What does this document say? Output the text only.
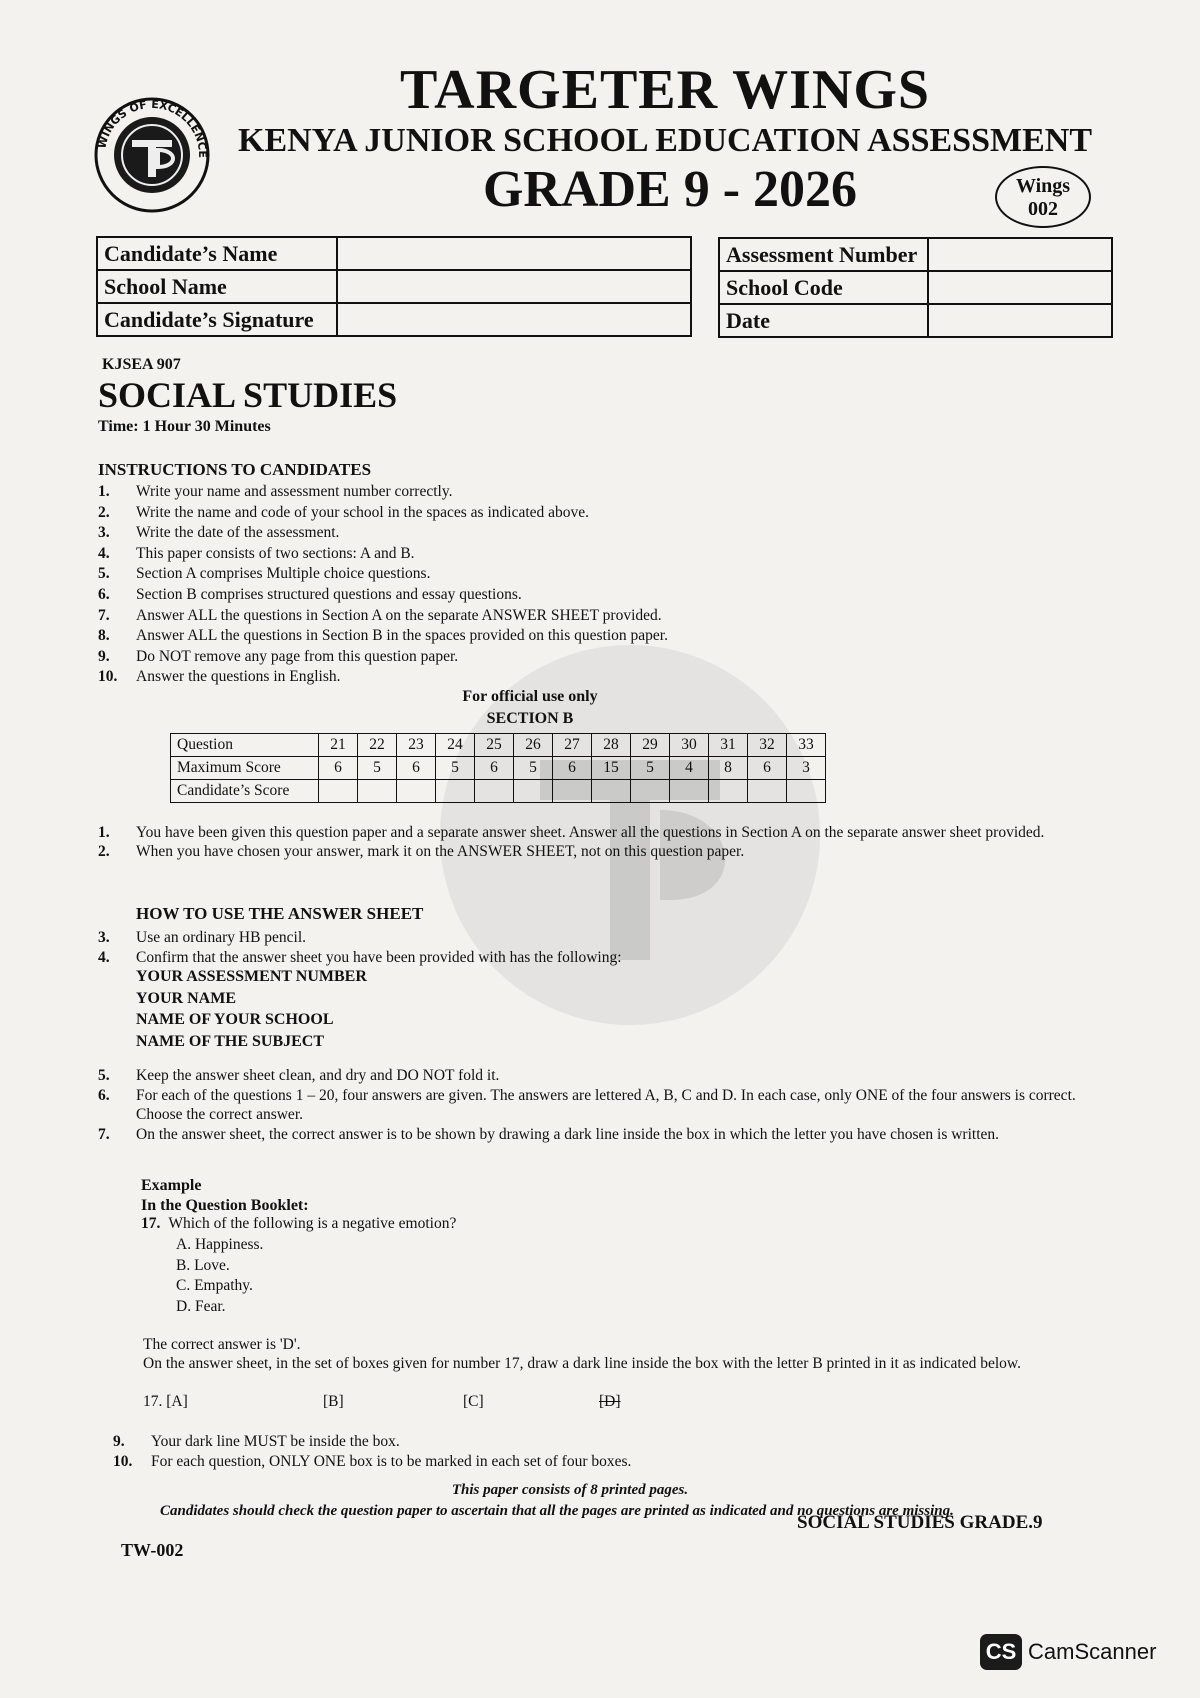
WINGS OF EXCELLENCE
TARGETER WINGS
KENYA JUNIOR SCHOOL EDUCATION ASSESSMENT
GRADE 9 - 2026	Wings
002
Candidate’s Name	
School Name	
Candidate’s Signature	
Assessment Number	
School Code	
Date	
KJSEA 907
SOCIAL STUDIES
Time: 1 Hour 30 Minutes
INSTRUCTIONS TO CANDIDATES
1. Write your name and assessment number correctly.
2. Write the name and code of your school in the spaces as indicated above.
3. Write the date of the assessment.
4. This paper consists of two sections: A and B.
5. Section A comprises Multiple choice questions.
6. Section B comprises structured questions and essay questions.
7. Answer ALL the questions in Section A on the separate ANSWER SHEET provided.
8. Answer ALL the questions in Section B in the spaces provided on this question paper.
9. Do NOT remove any page from this question paper.
10. Answer the questions in English.
For official use only
SECTION B
Question	21	22	23	24	25	26	27	28	29	30	31	32	33
Maximum Score	6	5	6	5	6	5	6	15	5	4	8	6	3
Candidate’s Score													
1. You have been given this question paper and a separate answer sheet. Answer all the questions in Section A on the separate answer sheet provided.
2. When you have chosen your answer, mark it on the ANSWER SHEET, not on this question paper.
HOW TO USE THE ANSWER SHEET
3. Use an ordinary HB pencil.
4. Confirm that the answer sheet you have been provided with has the following:
YOUR ASSESSMENT NUMBER
YOUR NAME
NAME OF YOUR SCHOOL
NAME OF THE SUBJECT
5. Keep the answer sheet clean, and dry and DO NOT fold it.
6. For each of the questions 1 – 20, four answers are given. The answers are lettered A, B, C and D. In each case, only ONE of the four answers is correct. Choose the correct answer.
7. On the answer sheet, the correct answer is to be shown by drawing a dark line inside the box in which the letter you have chosen is written.
Example
In the Question Booklet:
17. Which of the following is a negative emotion?
A. Happiness.
B. Love.
C. Empathy.
D. Fear.
The correct answer is 'D'.
On the answer sheet, in the set of boxes given for number 17, draw a dark line inside the box with the letter B printed in it as indicated below.
17. [A]	[B]	[C]	[D]
9. Your dark line MUST be inside the box.
10. For each question, ONLY ONE box is to be marked in each set of four boxes.
This paper consists of 8 printed pages.
Candidates should check the question paper to ascertain that all the pages are printed as indicated and no questions are missing.
SOCIAL STUDIES GRADE.9
TW-002
CS CamScanner
